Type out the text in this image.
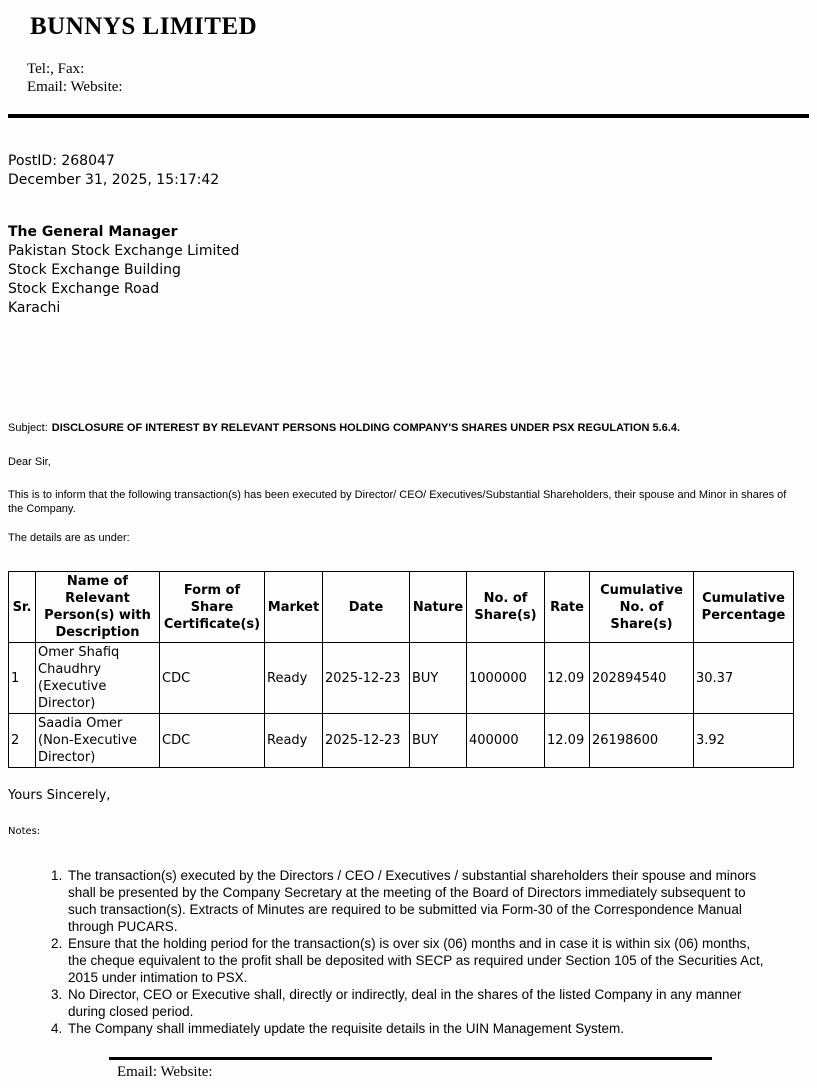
BUNNYS LIMITED
Tel:, Fax:
Email: Website:
PostID: 268047
December 31, 2025, 15:17:42
The General Manager
Pakistan Stock Exchange Limited
Stock Exchange Building
Stock Exchange Road
Karachi

Subject: DISCLOSURE OF INTEREST BY RELEVANT PERSONS HOLDING COMPANY'S SHARES UNDER PSX REGULATION 5.6.4.

Dear Sir,

This is to inform that the following transaction(s) has been executed by Director/ CEO/ Executives/Substantial Shareholders, their spouse and Minor in shares of the Company.

The details are as under:

Sr.	Name of Relevant Person(s) with Description	Form of Share Certificate(s)	Market	Date	Nature	No. of Share(s)	Rate	Cumulative No. of Share(s)	Cumulative Percentage
1	Omer Shafiq Chaudhry (Executive Director)	CDC	Ready	2025-12-23	BUY	1000000	12.09	202894540	30.37
2	Saadia Omer (Non-Executive Director)	CDC	Ready	2025-12-23	BUY	400000	12.09	26198600	3.92

Yours Sincerely,

Notes:

1. The transaction(s) executed by the Directors / CEO / Executives / substantial shareholders their spouse and minors shall be presented by the Company Secretary at the meeting of the Board of Directors immediately subsequent to such transaction(s). Extracts of Minutes are required to be submitted via Form-30 of the Correspondence Manual through PUCARS.
2. Ensure that the holding period for the transaction(s) is over six (06) months and in case it is within six (06) months, the cheque equivalent to the profit shall be deposited with SECP as required under Section 105 of the Securities Act, 2015 under intimation to PSX.
3. No Director, CEO or Executive shall, directly or indirectly, deal in the shares of the listed Company in any manner during closed period.
4. The Company shall immediately update the requisite details in the UIN Management System.
Email: Website:
